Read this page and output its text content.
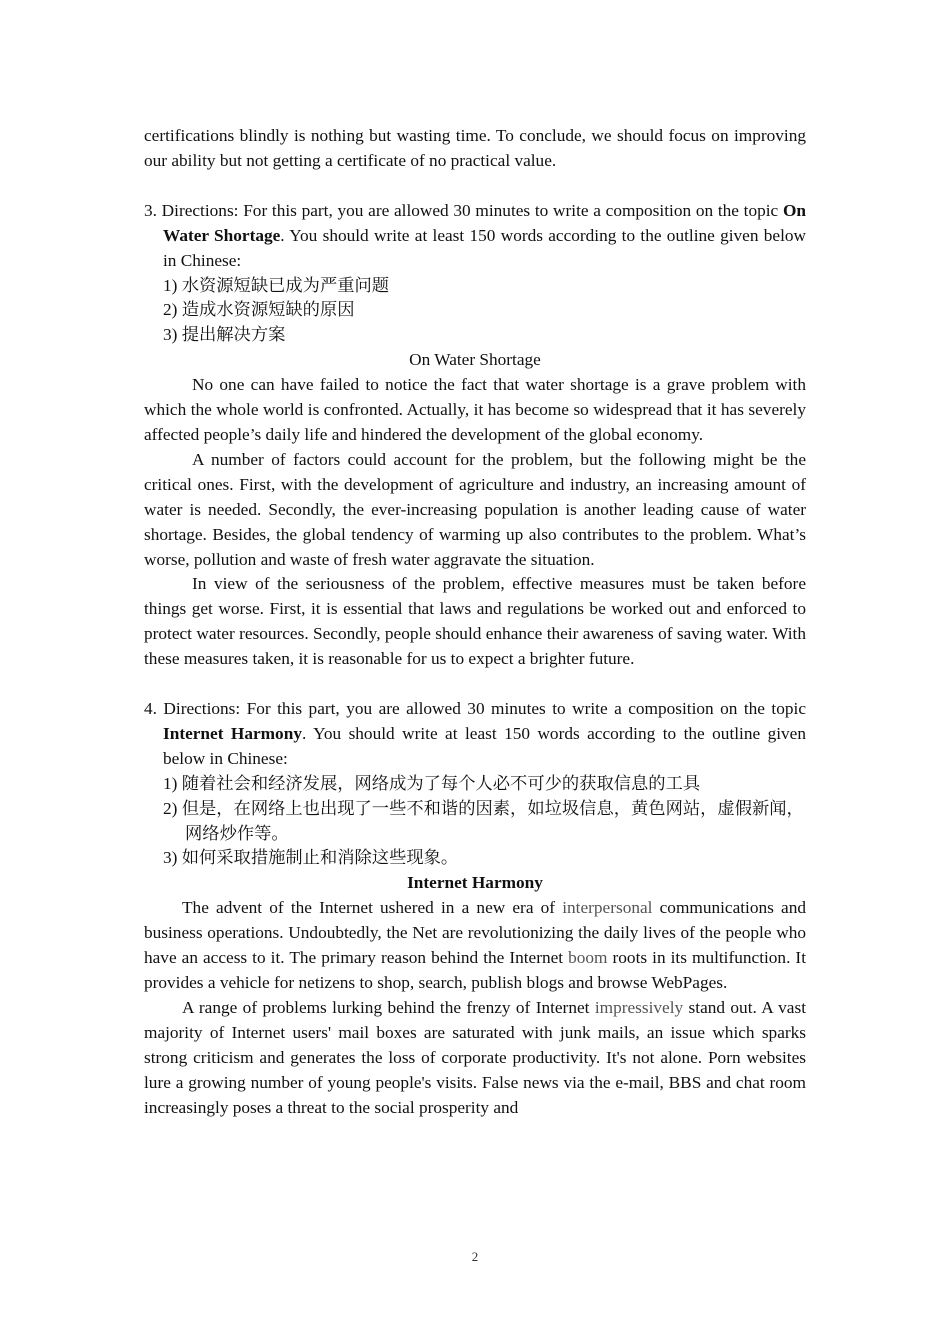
certifications blindly is nothing but wasting time. To conclude, we should focus on improving our ability but not getting a certificate of no practical value.

3. Directions: For this part, you are allowed 30 minutes to write a composition on the topic On Water Shortage. You should write at least 150 words according to the outline given below in Chinese:

1) 水资源短缺已成为严重问题
2) 造成水资源短缺的原因
3) 提出解决方案

On Water Shortage

No one can have failed to notice the fact that water shortage is a grave problem with which the whole world is confronted. Actually, it has become so widespread that it has severely affected people’s daily life and hindered the development of the global economy.

A number of factors could account for the problem, but the following might be the critical ones. First, with the development of agriculture and industry, an increasing amount of water is needed. Secondly, the ever-increasing population is another leading cause of water shortage. Besides, the global tendency of warming up also contributes to the problem. What’s worse, pollution and waste of fresh water aggravate the situation.

In view of the seriousness of the problem, effective measures must be taken before things get worse. First, it is essential that laws and regulations be worked out and enforced to protect water resources. Secondly, people should enhance their awareness of saving water. With these measures taken, it is reasonable for us to expect a brighter future.

4. Directions: For this part, you are allowed 30 minutes to write a composition on the topic Internet Harmony. You should write at least 150 words according to the outline given below in Chinese:

1) 随着社会和经济发展，网络成为了每个人必不可少的获取信息的工具
2) 但是，在网络上也出现了一些不和谐的因素，如垃圾信息，黄色网站，虚假新闻，网络炒作等。
3) 如何采取措施制止和消除这些现象。

Internet Harmony

The advent of the Internet ushered in a new era of interpersonal communications and business operations. Undoubtedly, the Net are revolutionizing the daily lives of the people who have an access to it. The primary reason behind the Internet boom roots in its multifunction. It provides a vehicle for netizens to shop, search, publish blogs and browse WebPages.

A range of problems lurking behind the frenzy of Internet impressively stand out. A vast majority of Internet users' mail boxes are saturated with junk mails, an issue which sparks strong criticism and generates the loss of corporate productivity. It's not alone. Porn websites lure a growing number of young people's visits. False news via the e-mail, BBS and chat room increasingly poses a threat to the social prosperity and

2
